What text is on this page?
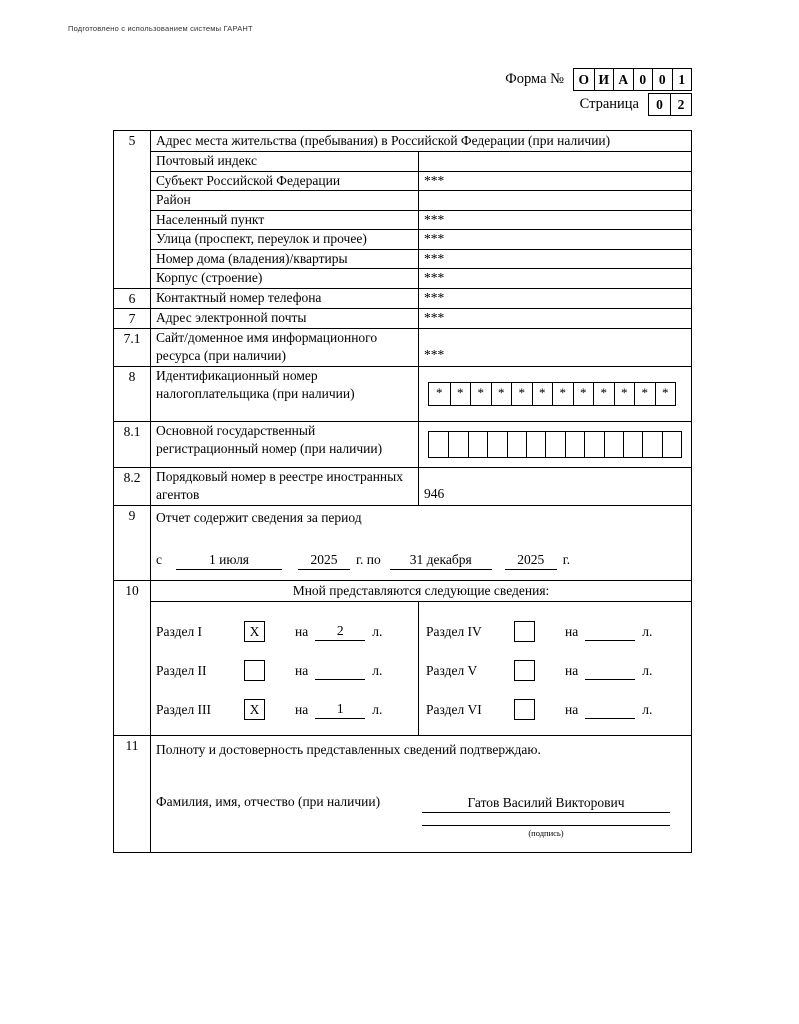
Подготовлено с использованием системы ГАРАНТ
Форма №	О И А 0 0 1
Страница	0	2
5	Адрес места жительства (пребывания) в Российской Федерации (при наличии)
Почтовый индекс
Субъект Российской Федерации	***
Район
Населенный пункт	***
Улица (проспект, переулок и прочее)	***
Номер дома (владения)/квартиры	***
Корпус (строение)	***
6	Контактный номер телефона	***
7	Адрес электронной почты	***
7.1	Сайт/доменное имя информационного ресурса (при наличии)	***
8	Идентификационный номер налогоплательщика (при наличии)	*	*	*	*	*	*	*	*	*	*	*	*
8.1	Основной государственный регистрационный номер (при наличии)
8.2	Порядковый номер в реестре иностранных агентов	946
9	Отчет содержит сведения за период
с	1 июля	2025	г. по	31 декабря	2025	г.
10	Мной представляются следующие сведения:
Раздел I	X	на	2	л.
Раздел II	на	л.
Раздел III	X	на	1	л.
Раздел IV	на	л.
Раздел V	на	л.
Раздел VI	на	л.
11	Полноту и достоверность представленных сведений подтверждаю.
Фамилия, имя, отчество (при наличии)	Гатов Василий Викторович
(подпись)
